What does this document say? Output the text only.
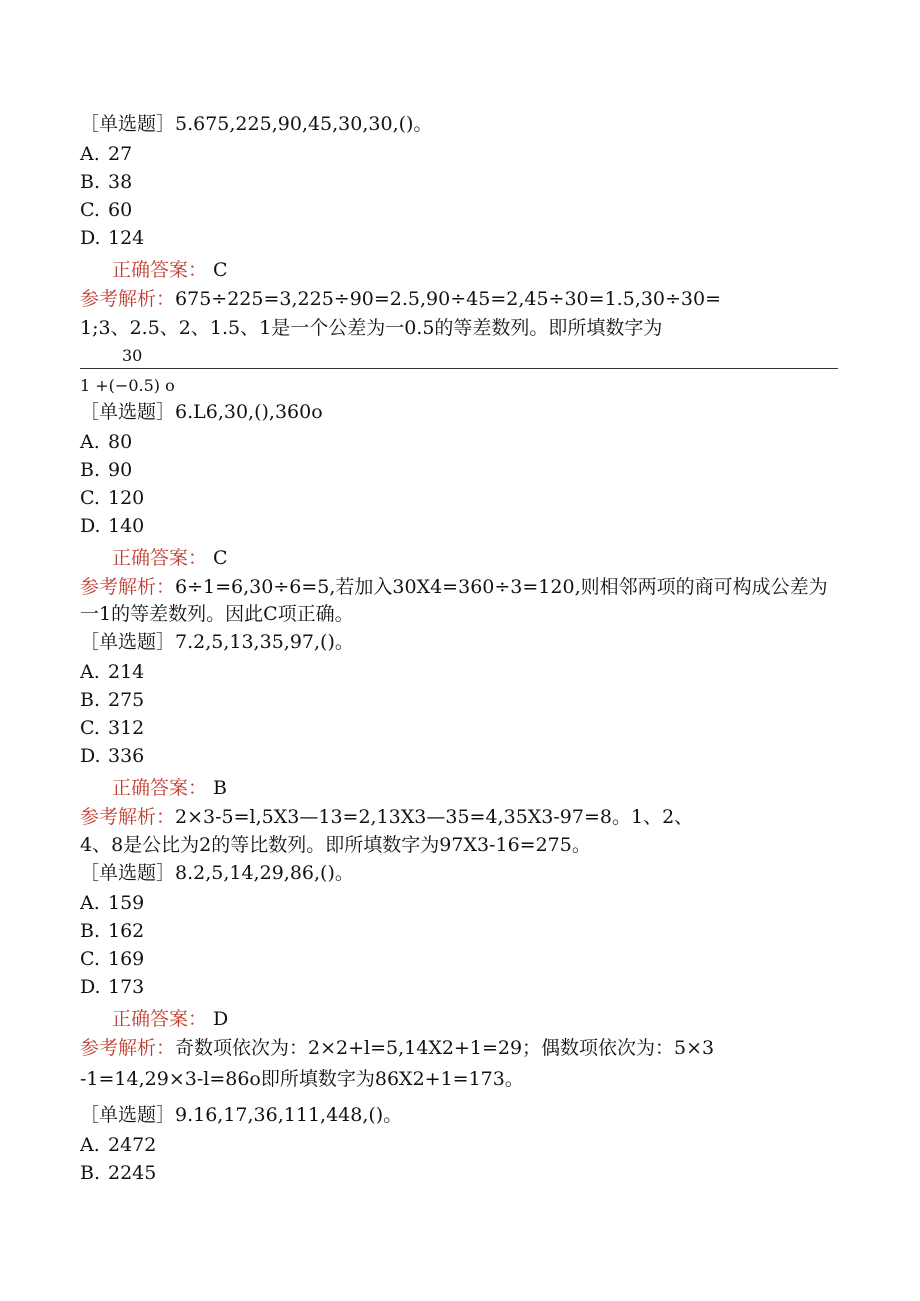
［单选题］5.675,225,90,45,30,30,()。
A. 27
B. 38
C. 60
D. 124
正确答案： C
参考解析：675÷225=3,225÷90=2.5,90÷45=2,45÷30=1.5,30÷30=
1;3、2.5、2、1.5、1是一个公差为一0.5的等差数列。即所填数字为
30
1 +(−0.5) o
［单选题］6.L6,30,(),360o
A. 80
B. 90
C. 120
D. 140
正确答案： C
参考解析：6÷1=6,30÷6=5,若加入30X4=360÷3=120,则相邻两项的商可构成公差为
一1的等差数列。因此C项正确。
［单选题］7.2,5,13,35,97,()。
A. 214
B. 275
C. 312
D. 336
正确答案： B
参考解析：2×3-5=l,5X3—13=2,13X3—35=4,35X3-97=8。1、2、
4、8是公比为2的等比数列。即所填数字为97X3-16=275。
［单选题］8.2,5,14,29,86,()。
A. 159
B. 162
C. 169
D. 173
正确答案： D
参考解析：奇数项依次为：2×2+l=5,14X2+1=29；偶数项依次为：5×3
-1=14,29×3-l=86o即所填数字为86X2+1=173。
［单选题］9.16,17,36,111,448,()。
A. 2472
B. 2245
